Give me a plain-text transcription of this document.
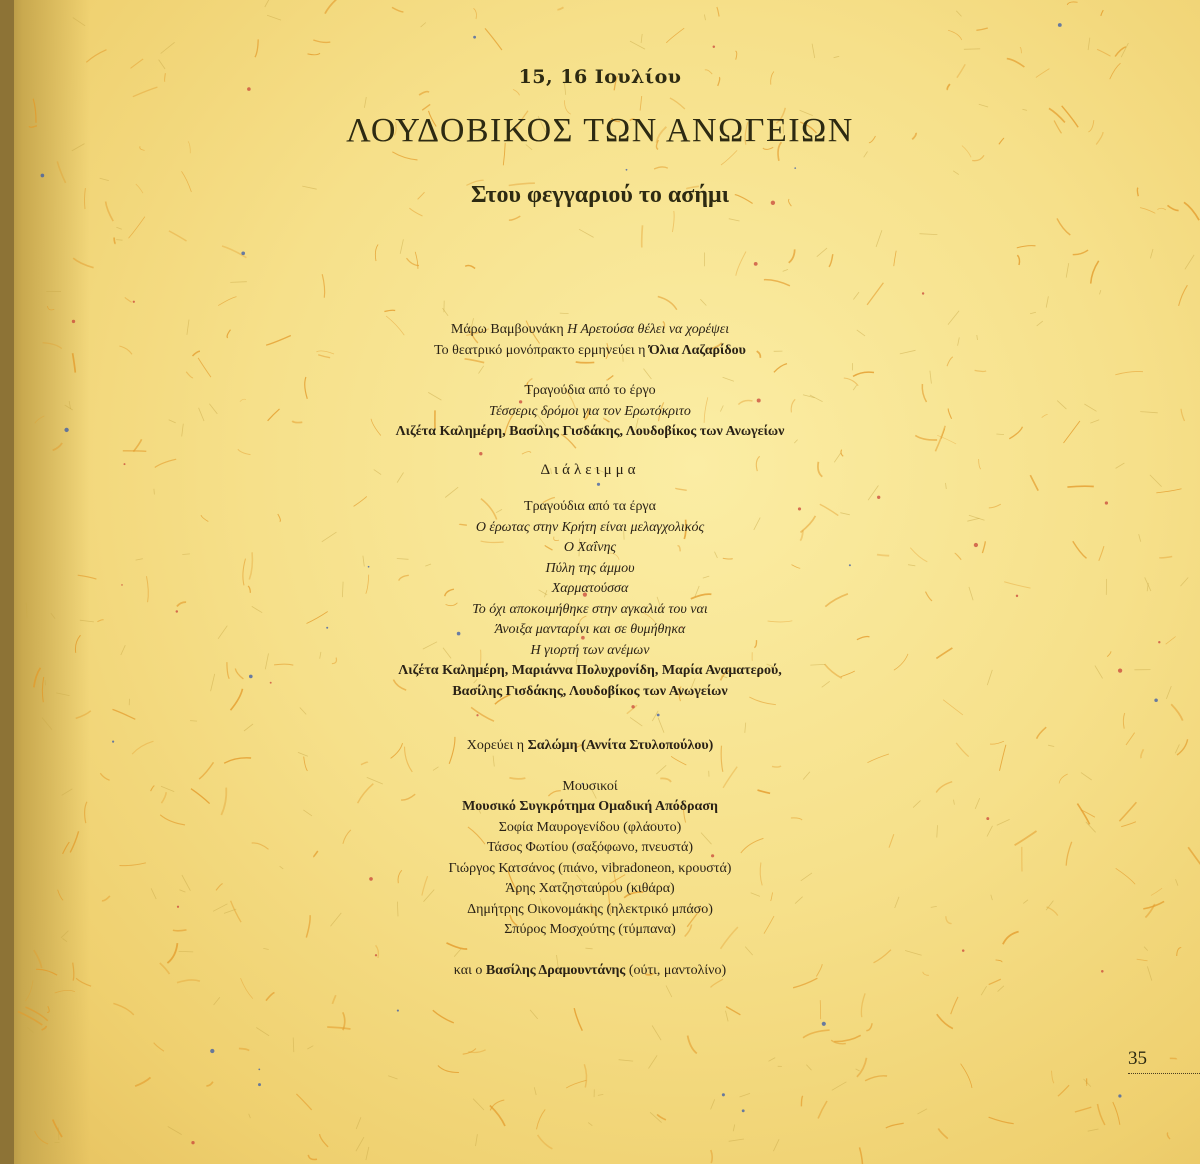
15, 16 Ιουλίου
ΛΟΥΔΟΒΙΚΟΣ ΤΩΝ ΑΝΩΓΕΙΩΝ
Στου φεγγαριού το ασήμι
Μάρω Βαμβουνάκη Η Αρετούσα θέλει να χορέψει
Το θεατρικό μονόπρακτο ερμηνεύει η Όλια Λαζαρίδου
Τραγούδια από το έργο
Τέσσερις δρόμοι για τον Ερωτόκριτο
Λιζέτα Καλημέρη, Βασίλης Γισδάκης, Λουδοβίκος των Ανωγείων
Διάλειμμα
Τραγούδια από τα έργα
Ο έρωτας στην Κρήτη είναι μελαγχολικός
Ο Χαΐνης
Πύλη της άμμου
Χαρματούσσα
Το όχι αποκοιμήθηκε στην αγκαλιά του ναι
Άνοιξα μανταρίνι και σε θυμήθηκα
Η γιορτή των ανέμων
Λιζέτα Καλημέρη, Μαριάννα Πολυχρονίδη, Μαρία Αναματερού,
Βασίλης Γισδάκης, Λουδοβίκος των Ανωγείων
Χορεύει η Σαλώμη (Αννίτα Στυλοπούλου)
Μουσικοί
Μουσικό Συγκρότημα Ομαδική Απόδραση
Σοφία Μαυρογενίδου (φλάουτο)
Τάσος Φωτίου (σαξόφωνο, πνευστά)
Γιώργος Κατσάνος (πιάνο, vibradoneon, κρουστά)
Άρης Χατζησταύρου (κιθάρα)
Δημήτρης Οικονομάκης (ηλεκτρικό μπάσο)
Σπύρος Μοσχούτης (τύμπανα)
και ο Βασίλης Δραμουντάνης (ούτι, μαντολίνο)
35
